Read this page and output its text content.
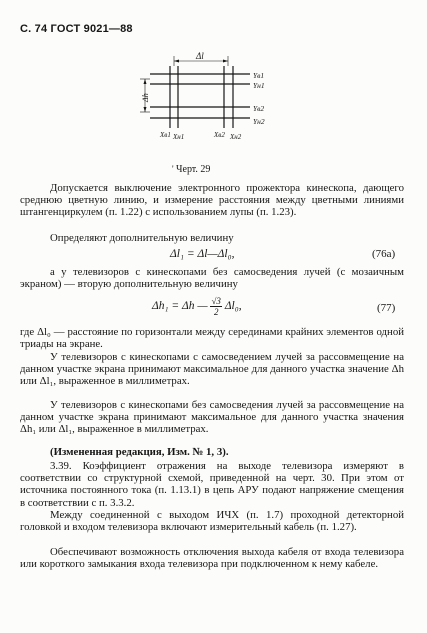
С. 74 ГОСТ 9021—88
Δl
Δh
Yв1
Yн1
Yв2
Yн2
Xв1 Xн1	Xв2 Xн2
' Черт. 29
Допускается выключение электронного прожектора кинескопа, дающего среднюю цветную линию, и измерение расстояния между цветными линиями штангенциркулем (п. 1.22) с использованием лупы (п. 1.23).
Определяют дополнительную величину
Δl₁ = Δl—Δl₀,	(76a)
а у телевизоров с кинескопами без самосведения лучей (с мозаичным экраном) — вторую дополнительную величину
Δh₁ = Δh — $\frac{√3}{2} \Delta l_0$,	(77)
где Δl₀ — расстояние по горизонтали между серединами крайних элементов одной триады на экране.
У телевизоров с кинескопами с самосведением лучей за рассовмещение на данном участке экрана принимают максимальное для данного участка значение Δh или Δl₁, выраженное в миллиметрах.
У телевизоров с кинескопами без самосведения лучей за рассовмещение на данном участке экрана принимают максимальное для данного участка значения Δh₁ или Δl₁, выраженное в миллиметрах.
(Измененная редакция, Изм. № 1, 3).
3.39. Коэффициент отражения на выходе телевизора измеряют в соответствии со структурной схемой, приведенной на черт. 30. При этом от источника постоянного тока (п. 1.13.1) в цепь АРУ подают напряжение смещения в соответствии с п. 3.3.2.
Между соединенной с выходом ИЧХ (п. 1.7) проходной детекторной головкой и входом телевизора включают измерительный кабель (п. 1.27).
Обеспечивают возможность отключения выхода кабеля от входа телевизора или короткого замыкания входа телевизора при подключенном к нему кабеле.
